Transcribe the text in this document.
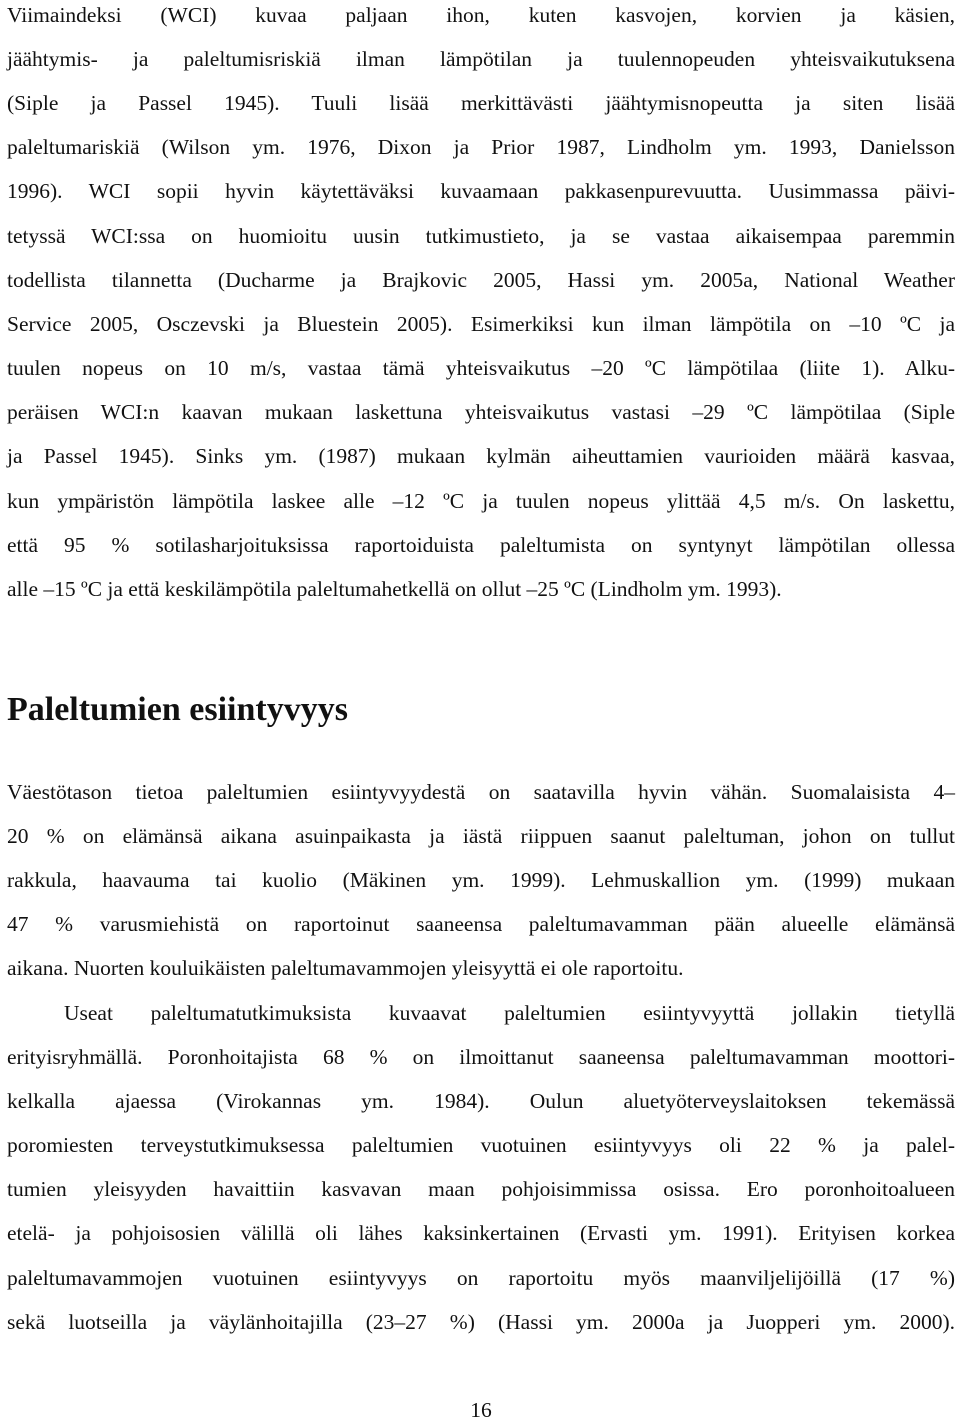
Viimaindeksi (WCI) kuvaa paljaan ihon, kuten kasvojen, korvien ja käsien,
jäähtymis- ja paleltumisriskiä ilman lämpötilan ja tuulennopeuden yhteisvaikutuksena
(Siple ja Passel 1945). Tuuli lisää merkittävästi jäähtymisnopeutta ja siten lisää
paleltumariskiä (Wilson ym. 1976, Dixon ja Prior 1987, Lindholm ym. 1993, Danielsson
1996). WCI sopii hyvin käytettäväksi kuvaamaan pakkasenpurevuutta. Uusimmassa päivi-
tetyssä WCI:ssa on huomioitu uusin tutkimustieto, ja se vastaa aikaisempaa paremmin
todellista tilannetta (Ducharme ja Brajkovic 2005, Hassi ym. 2005a, National Weather
Service 2005, Osczevski ja Bluestein 2005). Esimerkiksi kun ilman lämpötila on –10 ºC ja
tuulen nopeus on 10 m/s, vastaa tämä yhteisvaikutus –20 ºC lämpötilaa (liite 1). Alku-
peräisen WCI:n kaavan mukaan laskettuna yhteisvaikutus vastasi –29 ºC lämpötilaa (Siple
ja Passel 1945). Sinks ym. (1987) mukaan kylmän aiheuttamien vaurioiden määrä kasvaa,
kun ympäristön lämpötila laskee alle –12 ºC ja tuulen nopeus ylittää 4,5 m/s. On laskettu,
että 95 % sotilasharjoituksissa raportoiduista paleltumista on syntynyt lämpötilan ollessa
alle –15 ºC ja että keskilämpötila paleltumahetkellä on ollut –25 ºC (Lindholm ym. 1993).
Paleltumien esiintyvyys
Väestötason tietoa paleltumien esiintyvyydestä on saatavilla hyvin vähän. Suomalaisista 4–
20 % on elämänsä aikana asuinpaikasta ja iästä riippuen saanut paleltuman, johon on tullut
rakkula, haavauma tai kuolio (Mäkinen ym. 1999). Lehmuskallion ym. (1999) mukaan
47 % varusmiehistä on raportoinut saaneensa paleltumavamman pään alueelle elämänsä
aikana. Nuorten kouluikäisten paleltumavammojen yleisyyttä ei ole raportoitu.
Useat paleltumatutkimuksista kuvaavat paleltumien esiintyvyyttä jollakin tietyllä
erityisryhmällä. Poronhoitajista 68 % on ilmoittanut saaneensa paleltumavamman moottori-
kelkalla ajaessa (Virokannas ym. 1984). Oulun aluetyöterveyslaitoksen tekemässä
poromiesten terveystutkimuksessa paleltumien vuotuinen esiintyvyys oli 22 % ja palel-
tumien yleisyyden havaittiin kasvavan maan pohjoisimmissa osissa. Ero poronhoitoalueen
etelä- ja pohjoisosien välillä oli lähes kaksinkertainen (Ervasti ym. 1991). Erityisen korkea
paleltumavammojen vuotuinen esiintyvyys on raportoitu myös maanviljelijöillä (17 %)
sekä luotseilla ja väylänhoitajilla (23–27 %) (Hassi ym. 2000a ja Juopperi ym. 2000).
16
